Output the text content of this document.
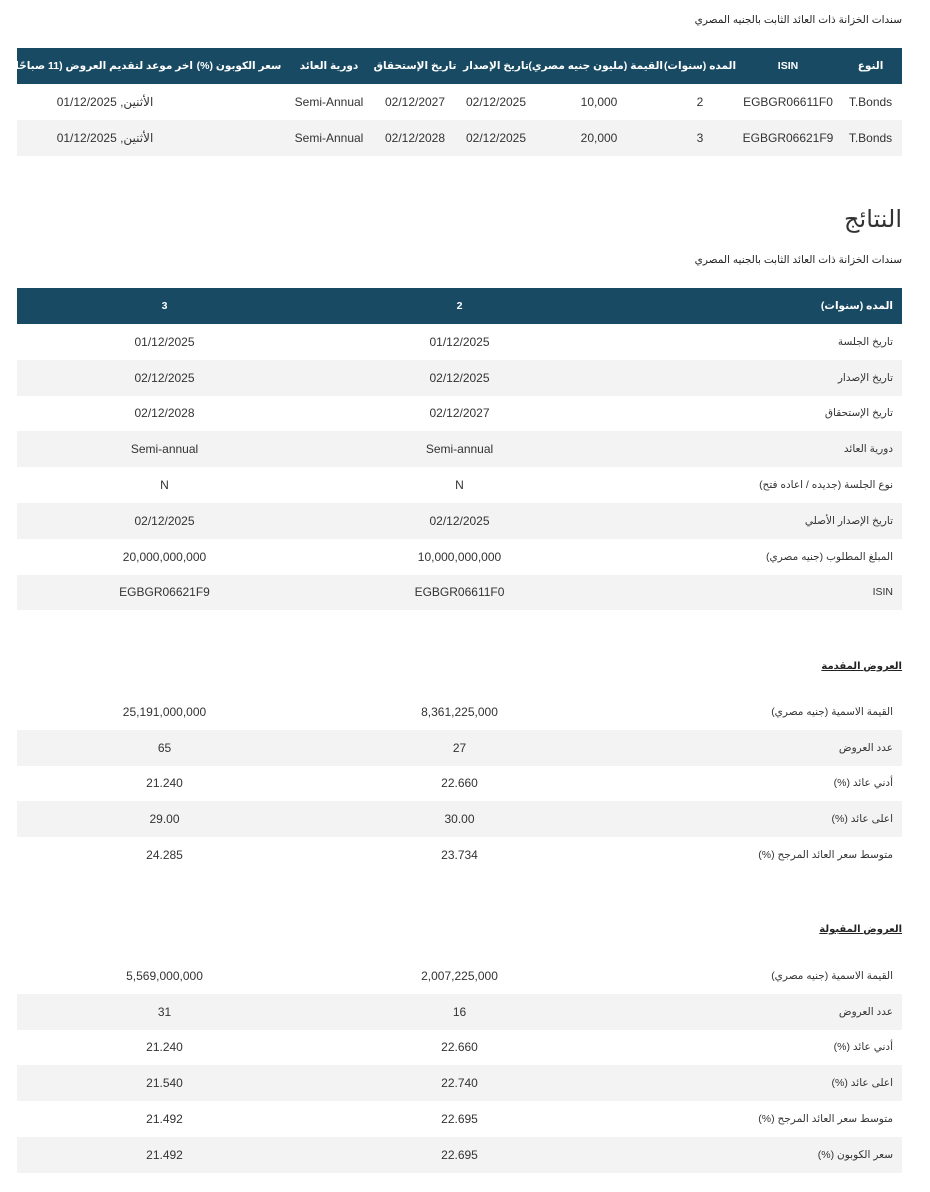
سندات الخزانة ذات العائد الثابت بالجنيه المصري
النوع	ISIN	المده (سنوات)	القيمة (مليون جنيه مصري)	تاريخ الإصدار	تاريخ الإستحقاق	دورية العائد	سعر الكوبون (%)	اخر موعد لتقديم العروض (11 صباحًا)
T.Bonds	EGBGR06611F0	2	10,000	02/12/2025	02/12/2027	Semi-Annual		الأثنين, 01/12/2025
T.Bonds	EGBGR06621F9	3	20,000	02/12/2025	02/12/2028	Semi-Annual		الأثنين, 01/12/2025
النتائج
سندات الخزانة ذات العائد الثابت بالجنيه المصري
المده (سنوات)	2	3
تاريخ الجلسة	01/12/2025	01/12/2025
تاريخ الإصدار	02/12/2025	02/12/2025
تاريخ الإستحقاق	02/12/2027	02/12/2028
دورية العائد	Semi-annual	Semi-annual
نوع الجلسة (جديده / اعاده فتح)	N	N
تاريخ الإصدار الأصلي	02/12/2025	02/12/2025
المبلغ المطلوب (جنيه مصري)	10,000,000,000	20,000,000,000
ISIN	EGBGR06611F0	EGBGR06621F9
العروض المقدمة
القيمة الاسمية (جنيه مصري)	8,361,225,000	25,191,000,000
عدد العروض	27	65
أدني عائد (%)	22.660	21.240
اعلى عائد (%)	30.00	29.00
متوسط سعر العائد المرجح (%)	23.734	24.285
العروض المقبولة
القيمة الاسمية (جنيه مصري)	2,007,225,000	5,569,000,000
عدد العروض	16	31
أدني عائد (%)	22.660	21.240
اعلى عائد (%)	22.740	21.540
متوسط سعر العائد المرجح (%)	22.695	21.492
سعر الكوبون (%)	22.695	21.492
